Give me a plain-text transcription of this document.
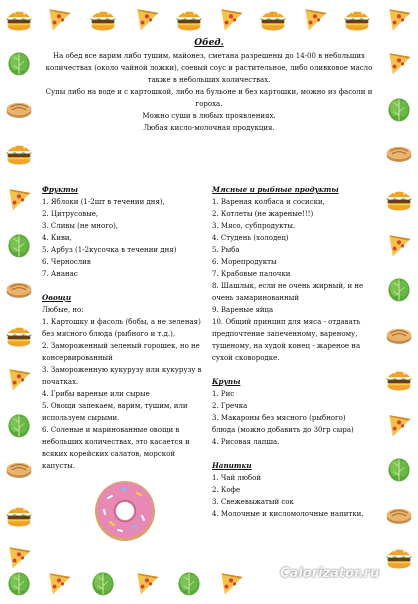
Обед.
На обед все варим либо тушим, майонез, сметана разрешены до 14-00 в небольших
количествах (около чайной ложки), соевый соус и растительное, либо оливковое масло
также в небольших количествах.
Супы либо на воде и с картошкой, либо на бульоне и без картошки, можно из фасоли и
гороха.
Можно суши в любых проявлениях.
Любая кисло-молочная продукция.
Фрукты
1. Яблоки (1-2шт в течении дня),
2. Цитрусовые,
3. Сливы (не много),
4. Киви,
5. Арбуз (1-2кусочка в течении дня)
6. Чернослив
7. Ананас
Овощи
Любые, но:
1. Картошку и фасоль (бобы, а не зеленая)
без мясного блюда (рыбного и т.д.),
2. Замороженный зеленый горошек, но не
консервированный
3. Замороженную кукурузу или кукурузу в
початках.
4. Грибы вареные или сырые
5. Овощи запекаем, варим, тушим, или
используем сырыми.
6. Соленые и маринованные овощи в
небольших количествах, это касается и
всяких корейских салатов, морской
капусты.
Мясные и рыбные продукты
1. Вареная колбаса и сосиски,
2. Котлеты (не жареные!!!)
3. Мясо, субпродукты.
4. Студень (холодец)
5. Рыба
6. Морепродукты
7. Крабовые палочки
8. Шашлык, если не очень жирный, и не
очень замаринованный
9. Вареные яйца
10. Общий принцип для мяса - отдавать
предпочтение запеченному, вареному,
тушеному, на худой конец - жареное на
сухой сковородке.
Крупы
1. Рис
2. Гречка
3. Макароны без мясного (рыбного)
блюда (можно добавить до 30гр сыра)
4. Рисовая лапша.
Напитки
1. Чай любой
2. Кофе
3. Свежевыжатый сок
4. Молочные и кисломолочные напитки.
Calorizator.ru
